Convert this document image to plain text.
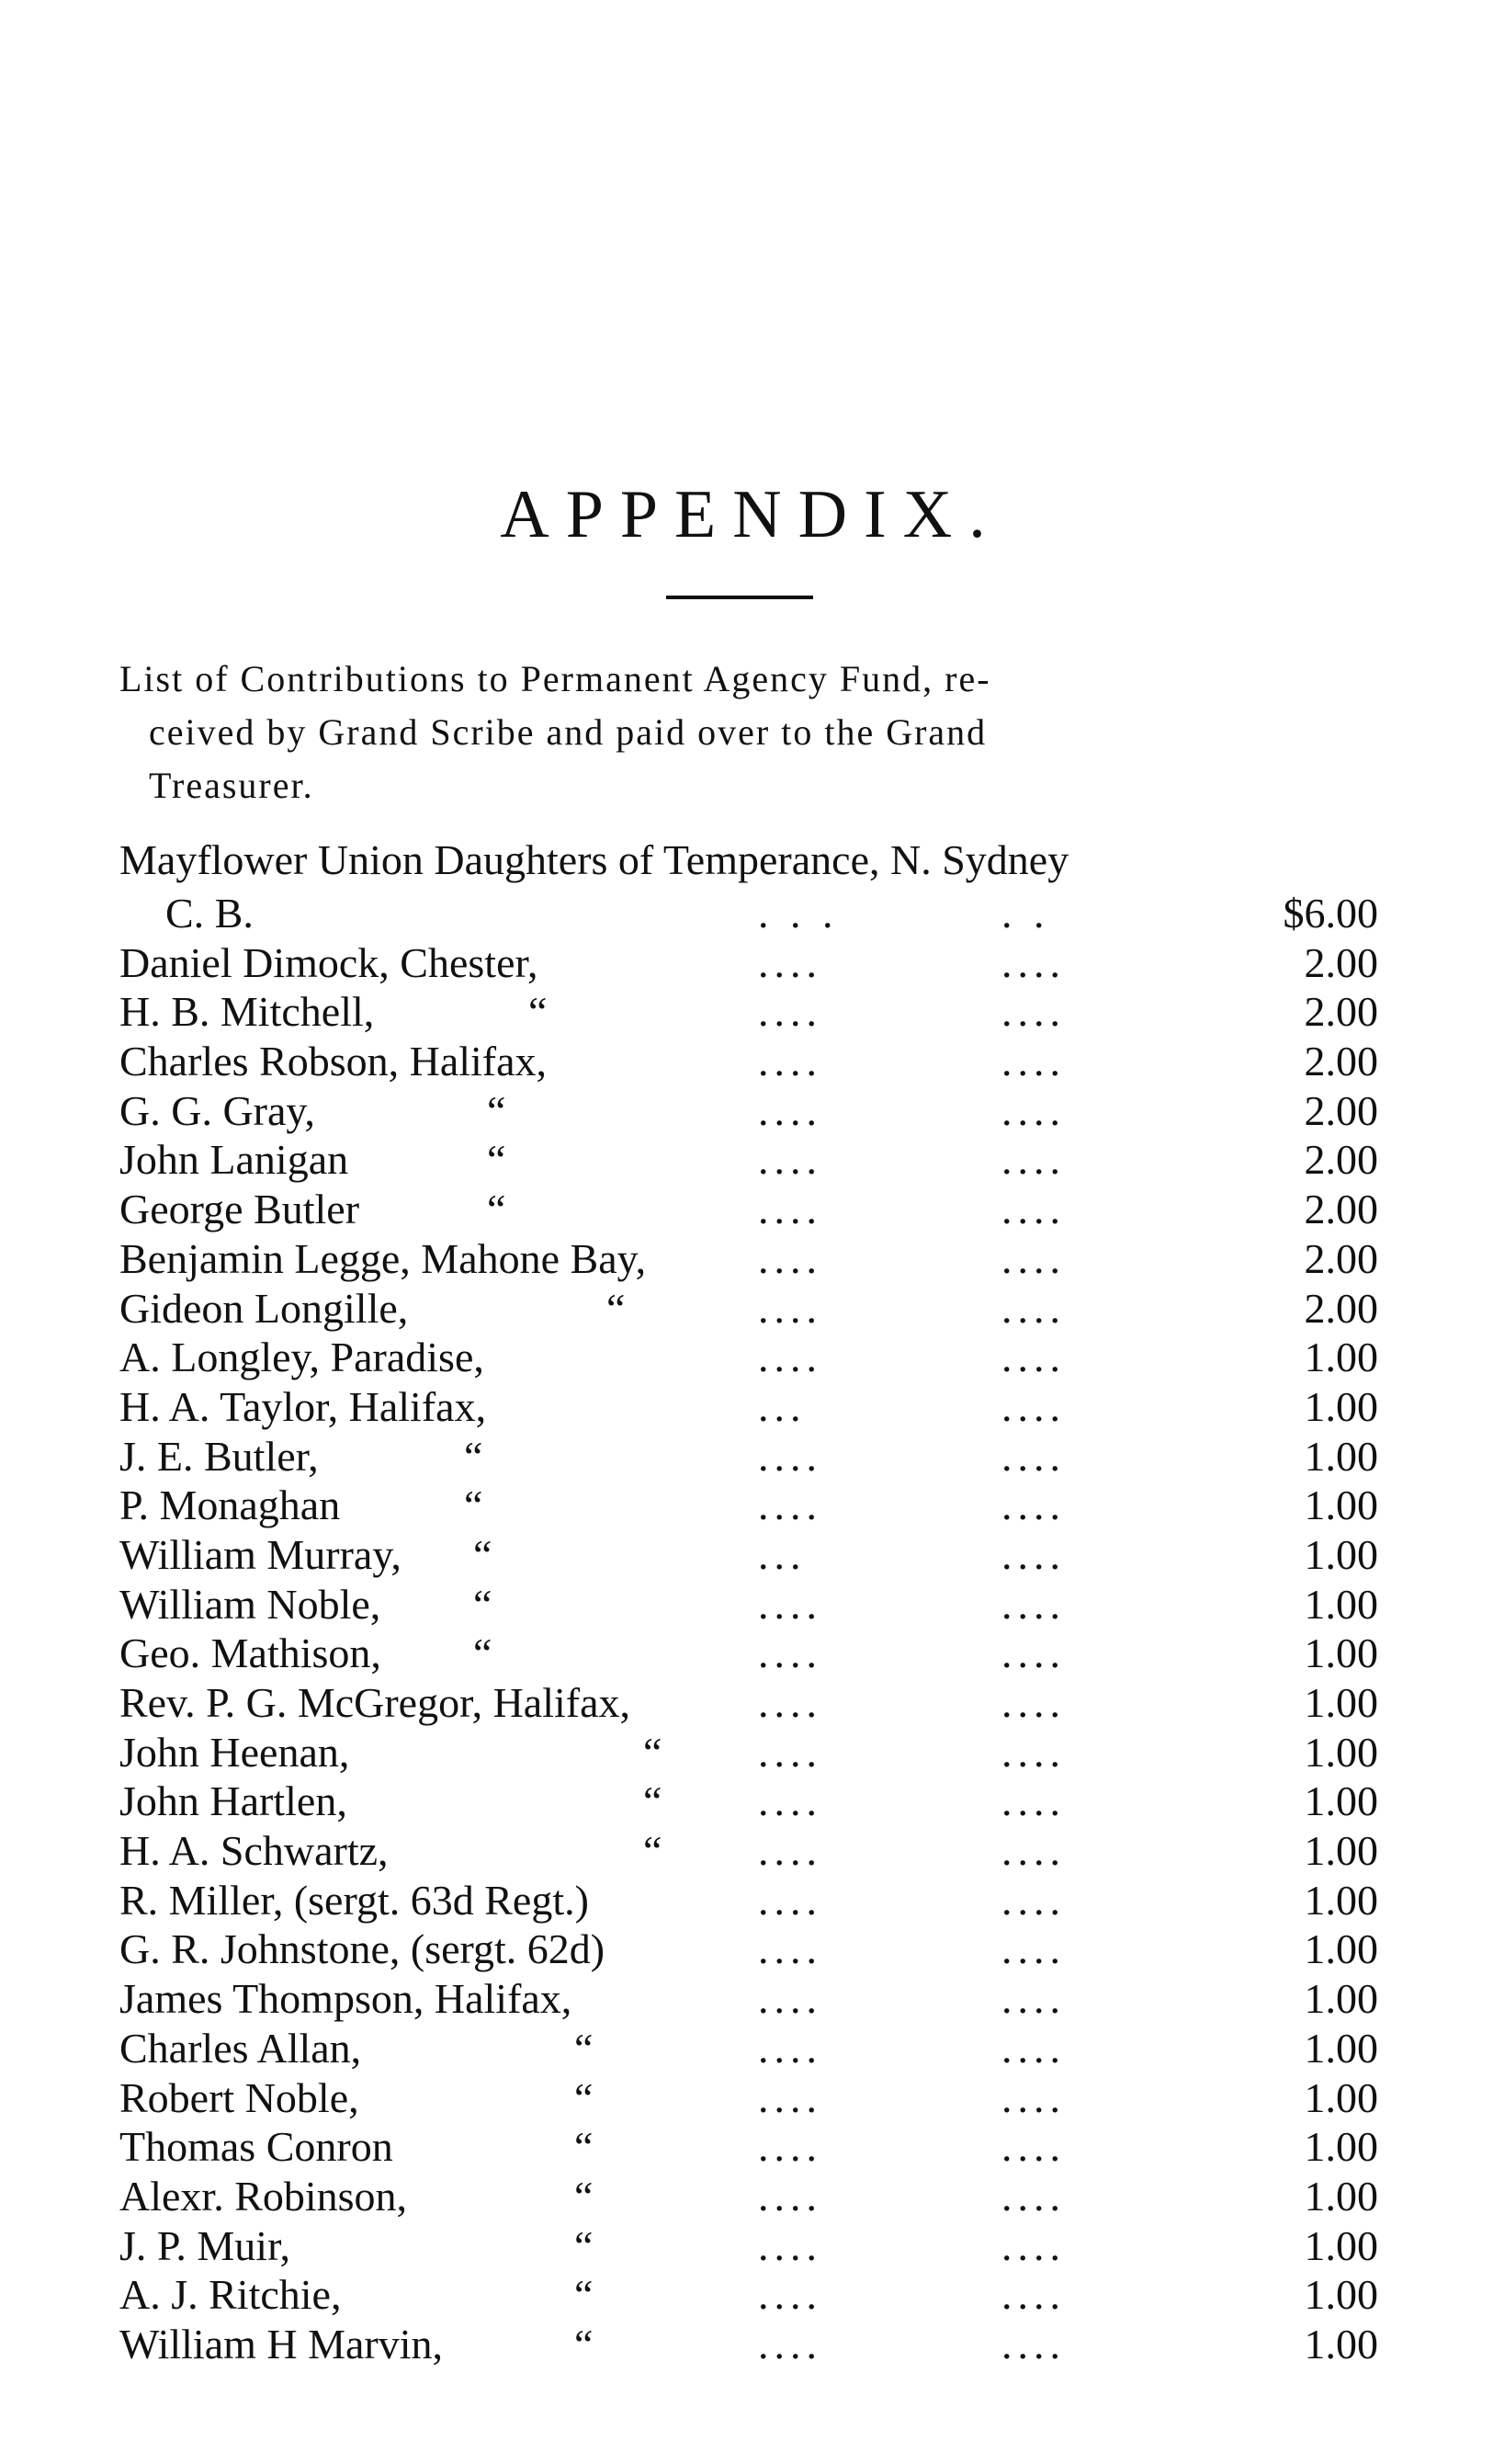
APPENDIX.
List of Contributions to Permanent Agency Fund, re-
ceived by Grand Scribe and paid over to the Grand
Treasurer.
Mayflower Union Daughters of Temperance, N. Sydney
C. B.	. . .	. .	$6.00
Daniel Dimock, Chester,	....	....	2.00
H. B. Mitchell,	“	....	....	2.00
Charles Robson, Halifax,	....	....	2.00
G. G. Gray,	“	....	....	2.00
John Lanigan	“	....	....	2.00
George Butler	“	....	....	2.00
Benjamin Legge, Mahone Bay,	....	....	2.00
Gideon Longille,	“	....	....	2.00
A. Longley, Paradise,	....	....	1.00
H. A. Taylor, Halifax,	...	....	1.00
J. E. Butler,	“	....	....	1.00
P. Monaghan	“	....	....	1.00
William Murray, “	...	....	1.00
William Noble, “	....	....	1.00
Geo. Mathison, “	....	....	1.00
Rev. P. G. McGregor, Halifax,	....	....	1.00
John Heenan,	“ ....	....	1.00
John Hartlen,	“ ....	....	1.00
H. A. Schwartz,	“ ....	....	1.00
R. Miller, (sergt. 63d Regt.)	....	....	1.00
G. R. Johnstone, (sergt. 62d)	....	....	1.00
James Thompson, Halifax,	....	....	1.00
Charles Allan,	“	....	....	1.00
Robert Noble,	“	....	....	1.00
Thomas Conron	“	....	....	1.00
Alexr. Robinson,	“	....	....	1.00
J. P. Muir,	“	....	....	1.00
A. J. Ritchie,	“	....	....	1.00
William H Marvin,	“	....	....	1.00
